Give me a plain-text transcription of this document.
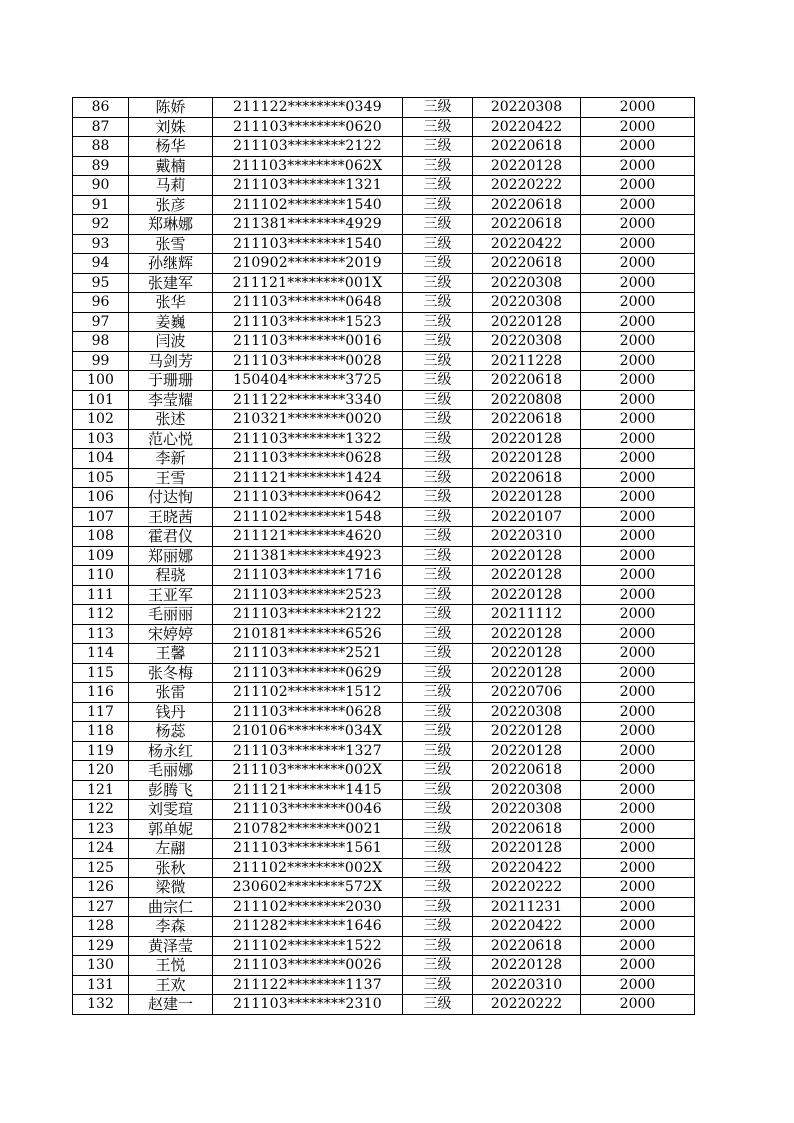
86	陈娇	211122********0349	三级	20220308	2000
87	刘姝	211103********0620	三级	20220422	2000
88	杨华	211103********2122	三级	20220618	2000
89	戴楠	211103********062X	三级	20220128	2000
90	马莉	211103********1321	三级	20220222	2000
91	张彦	211102********1540	三级	20220618	2000
92	郑琳娜	211381********4929	三级	20220618	2000
93	张雪	211103********1540	三级	20220422	2000
94	孙继辉	210902********2019	三级	20220618	2000
95	张建军	211121********001X	三级	20220308	2000
96	张华	211103********0648	三级	20220308	2000
97	姜巍	211103********1523	三级	20220128	2000
98	闫波	211103********0016	三级	20220308	2000
99	马剑芳	211103********0028	三级	20211228	2000
100	于珊珊	150404********3725	三级	20220618	2000
101	李莹耀	211122********3340	三级	20220808	2000
102	张述	210321********0020	三级	20220618	2000
103	范心悦	211103********1322	三级	20220128	2000
104	李新	211103********0628	三级	20220128	2000
105	王雪	211121********1424	三级	20220618	2000
106	付达恂	211103********0642	三级	20220128	2000
107	王晓茜	211102********1548	三级	20220107	2000
108	霍君仪	211121********4620	三级	20220310	2000
109	郑丽娜	211381********4923	三级	20220128	2000
110	程骁	211103********1716	三级	20220128	2000
111	王亚军	211103********2523	三级	20220128	2000
112	毛丽丽	211103********2122	三级	20211112	2000
113	宋婷婷	210181********6526	三级	20220128	2000
114	王馨	211103********2521	三级	20220128	2000
115	张冬梅	211103********0629	三级	20220128	2000
116	张雷	211102********1512	三级	20220706	2000
117	钱丹	211103********0628	三级	20220308	2000
118	杨蕊	210106********034X	三级	20220128	2000
119	杨永红	211103********1327	三级	20220128	2000
120	毛丽娜	211103********002X	三级	20220618	2000
121	彭腾飞	211121********1415	三级	20220308	2000
122	刘雯瑄	211103********0046	三级	20220308	2000
123	郭单妮	210782********0021	三级	20220618	2000
124	左翮	211103********1561	三级	20220128	2000
125	张秋	211102********002X	三级	20220422	2000
126	梁微	230602********572X	三级	20220222	2000
127	曲宗仁	211102********2030	三级	20211231	2000
128	李森	211282********1646	三级	20220422	2000
129	黄泽莹	211102********1522	三级	20220618	2000
130	王悦	211103********0026	三级	20220128	2000
131	王欢	211122********1137	三级	20220310	2000
132	赵建一	211103********2310	三级	20220222	2000
